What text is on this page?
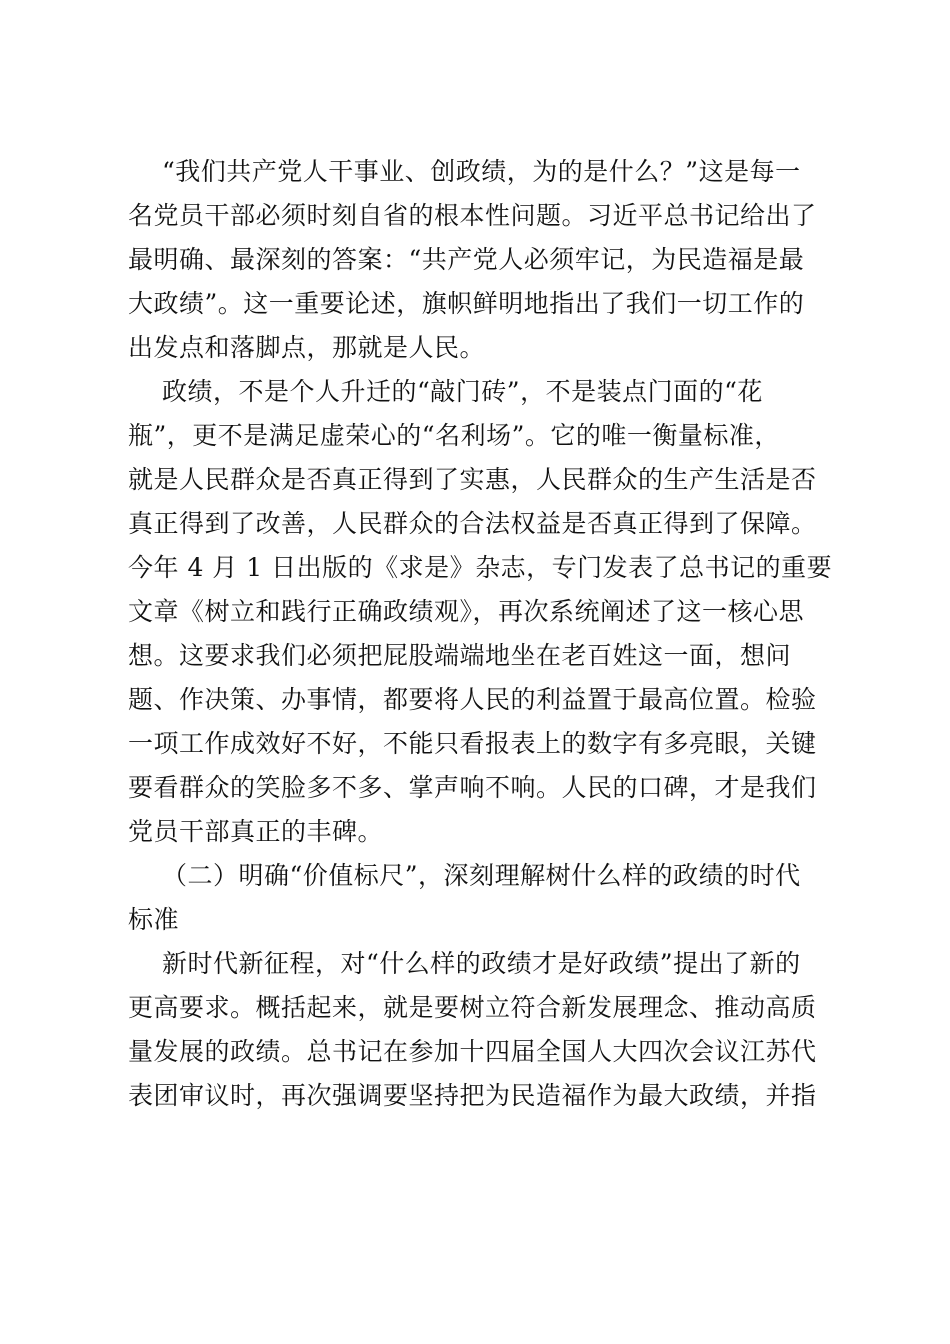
“我们共产党人干事业、创政绩，为的是什么？”这是每一
名党员干部必须时刻自省的根本性问题。习近平总书记给出了
最明确、最深刻的答案：“共产党人必须牢记，为民造福是最
大政绩”。这一重要论述，旗帜鲜明地指出了我们一切工作的
出发点和落脚点，那就是人民。
政绩，不是个人升迁的“敲门砖”，不是装点门面的“花
瓶”，更不是满足虚荣心的“名利场”。它的唯一衡量标准，
就是人民群众是否真正得到了实惠，人民群众的生产生活是否
真正得到了改善，人民群众的合法权益是否真正得到了保障。
今年 4 月 1 日出版的《求是》杂志，专门发表了总书记的重要
文章《树立和践行正确政绩观》，再次系统阐述了这一核心思
想。这要求我们必须把屁股端端地坐在老百姓这一面，想问
题、作决策、办事情，都要将人民的利益置于最高位置。检验
一项工作成效好不好，不能只看报表上的数字有多亮眼，关键
要看群众的笑脸多不多、掌声响不响。人民的口碑，才是我们
党员干部真正的丰碑。
（二）明确“价值标尺”，深刻理解树什么样的政绩的时代
标准
新时代新征程，对“什么样的政绩才是好政绩”提出了新的
更高要求。概括起来，就是要树立符合新发展理念、推动高质
量发展的政绩。总书记在参加十四届全国人大四次会议江苏代
表团审议时，再次强调要坚持把为民造福作为最大政绩，并指
